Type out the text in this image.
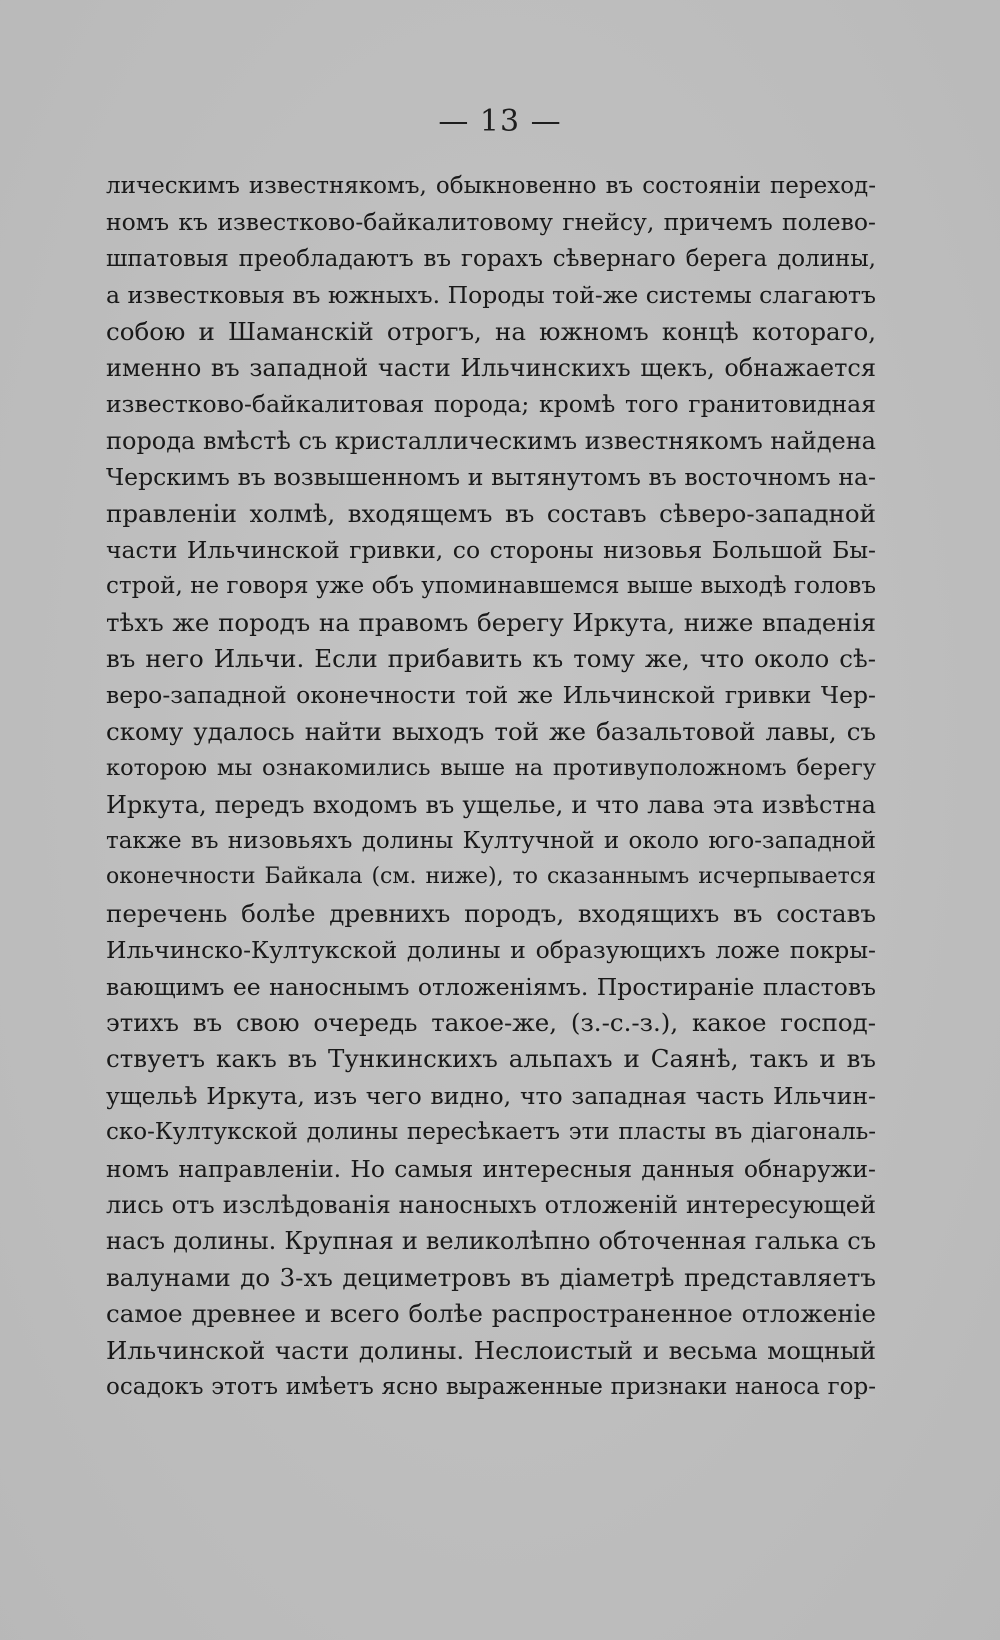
— 13 —
лическимъ известнякомъ, обыкновенно въ состоянiи переход-
номъ къ известково-байкалитовому гнейсу, причемъ полево-
шпатовыя преобладаютъ въ горахъ сѣвернаго берега долины,
а известковыя въ южныхъ. Породы той-же системы слагаютъ
собою и Шаманскiй отрогъ, на южномъ концѣ котораго,
именно въ западной части Ильчинскихъ щекъ, обнажается
известково-байкалитовая порода; кромѣ того гранитовидная
порода вмѣстѣ съ кристаллическимъ известнякомъ найдена
Черскимъ въ возвышенномъ и вытянутомъ въ восточномъ на-
правленiи холмѣ, входящемъ въ составъ сѣверо-западной
части Ильчинской гривки, со стороны низовья Большой Бы-
строй, не говоря уже объ упоминавшемся выше выходѣ головъ
тѣхъ же породъ на правомъ берегу Иркута, ниже впаденiя
въ него Ильчи. Если прибавить къ тому же, что около сѣ-
веро-западной оконечности той же Ильчинской гривки Чер-
скому удалось найти выходъ той же базальтовой лавы, съ
которою мы ознакомились выше на противуположномъ берегу
Иркута, передъ входомъ въ ущелье, и что лава эта извѣстна
также въ низовьяхъ долины Култучной и около юго-западной
оконечности Байкала (см. ниже), то сказаннымъ исчерпывается
перечень болѣе древнихъ породъ, входящихъ въ составъ
Ильчинско-Култукской долины и образующихъ ложе покры-
вающимъ ее наноснымъ отложенiямъ. Простиранiе пластовъ
этихъ въ свою очередь такое-же, (з.-с.-з.), какое господ-
ствуетъ какъ въ Тункинскихъ альпахъ и Саянѣ, такъ и въ
ущельѣ Иркута, изъ чего видно, что западная часть Ильчин-
ско-Култукской долины пересѣкаетъ эти пласты въ дiагональ-
номъ направленiи. Но самыя интересныя данныя обнаружи-
лись отъ изслѣдованiя наносныхъ отложенiй интересующей
насъ долины. Крупная и великолѣпно обточенная галька съ
валунами до 3-хъ дециметровъ въ дiаметрѣ представляетъ
самое древнее и всего болѣе распространенное отложенiе
Ильчинской части долины. Неслоистый и весьма мощный
осадокъ этотъ имѣетъ ясно выраженные признаки наноса гор-
